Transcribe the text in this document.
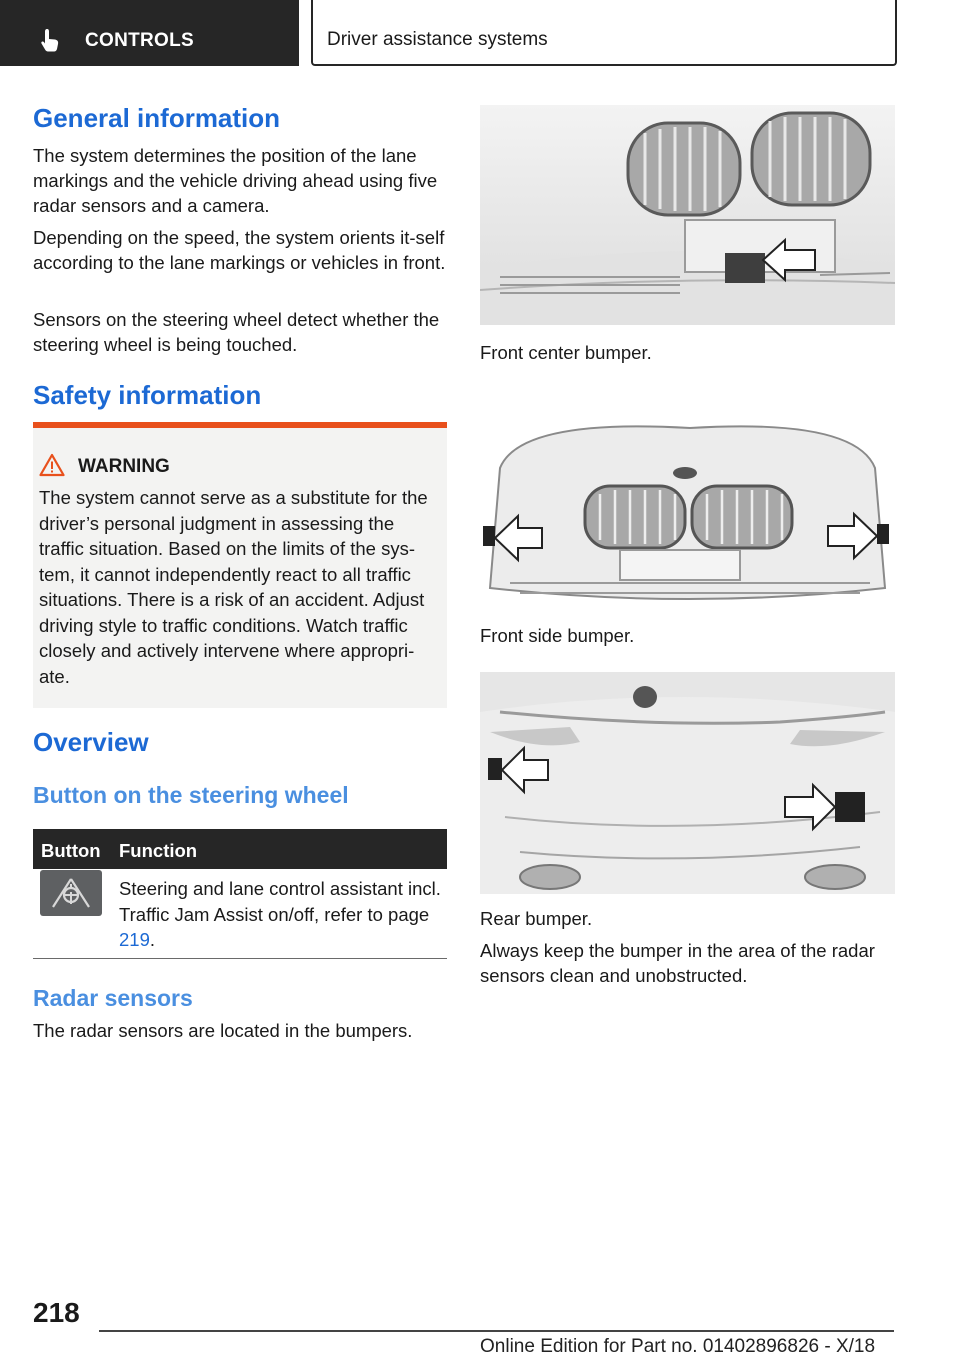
CONTROLS	Driver assistance systems
General information

The system determines the position of the lane markings and the vehicle driving ahead using five radar sensors and a camera.

Depending on the speed, the system orients it-self according to the lane markings or vehicles in front.

Sensors on the steering wheel detect whether the steering wheel is being touched.

Safety information
WARNING
The system cannot serve as a substitute for the driver’s personal judgment in assessing the traffic situation. Based on the limits of the sys-tem, it cannot independently react to all traffic situations. There is a risk of an accident. Adjust driving style to traffic conditions. Watch traffic closely and actively intervene where appropri-ate.
Overview
Button on the steering wheel
Button Function
Steering and lane control assistant incl. Traffic Jam Assist on/off, refer to page 219.
Radar sensors

The radar sensors are located in the bumpers.

Front center bumper.

Front side bumper.

Rear bumper.

Always keep the bumper in the area of the radar sensors clean and unobstructed.

218
Online Edition for Part no. 01402896826 - X/18
